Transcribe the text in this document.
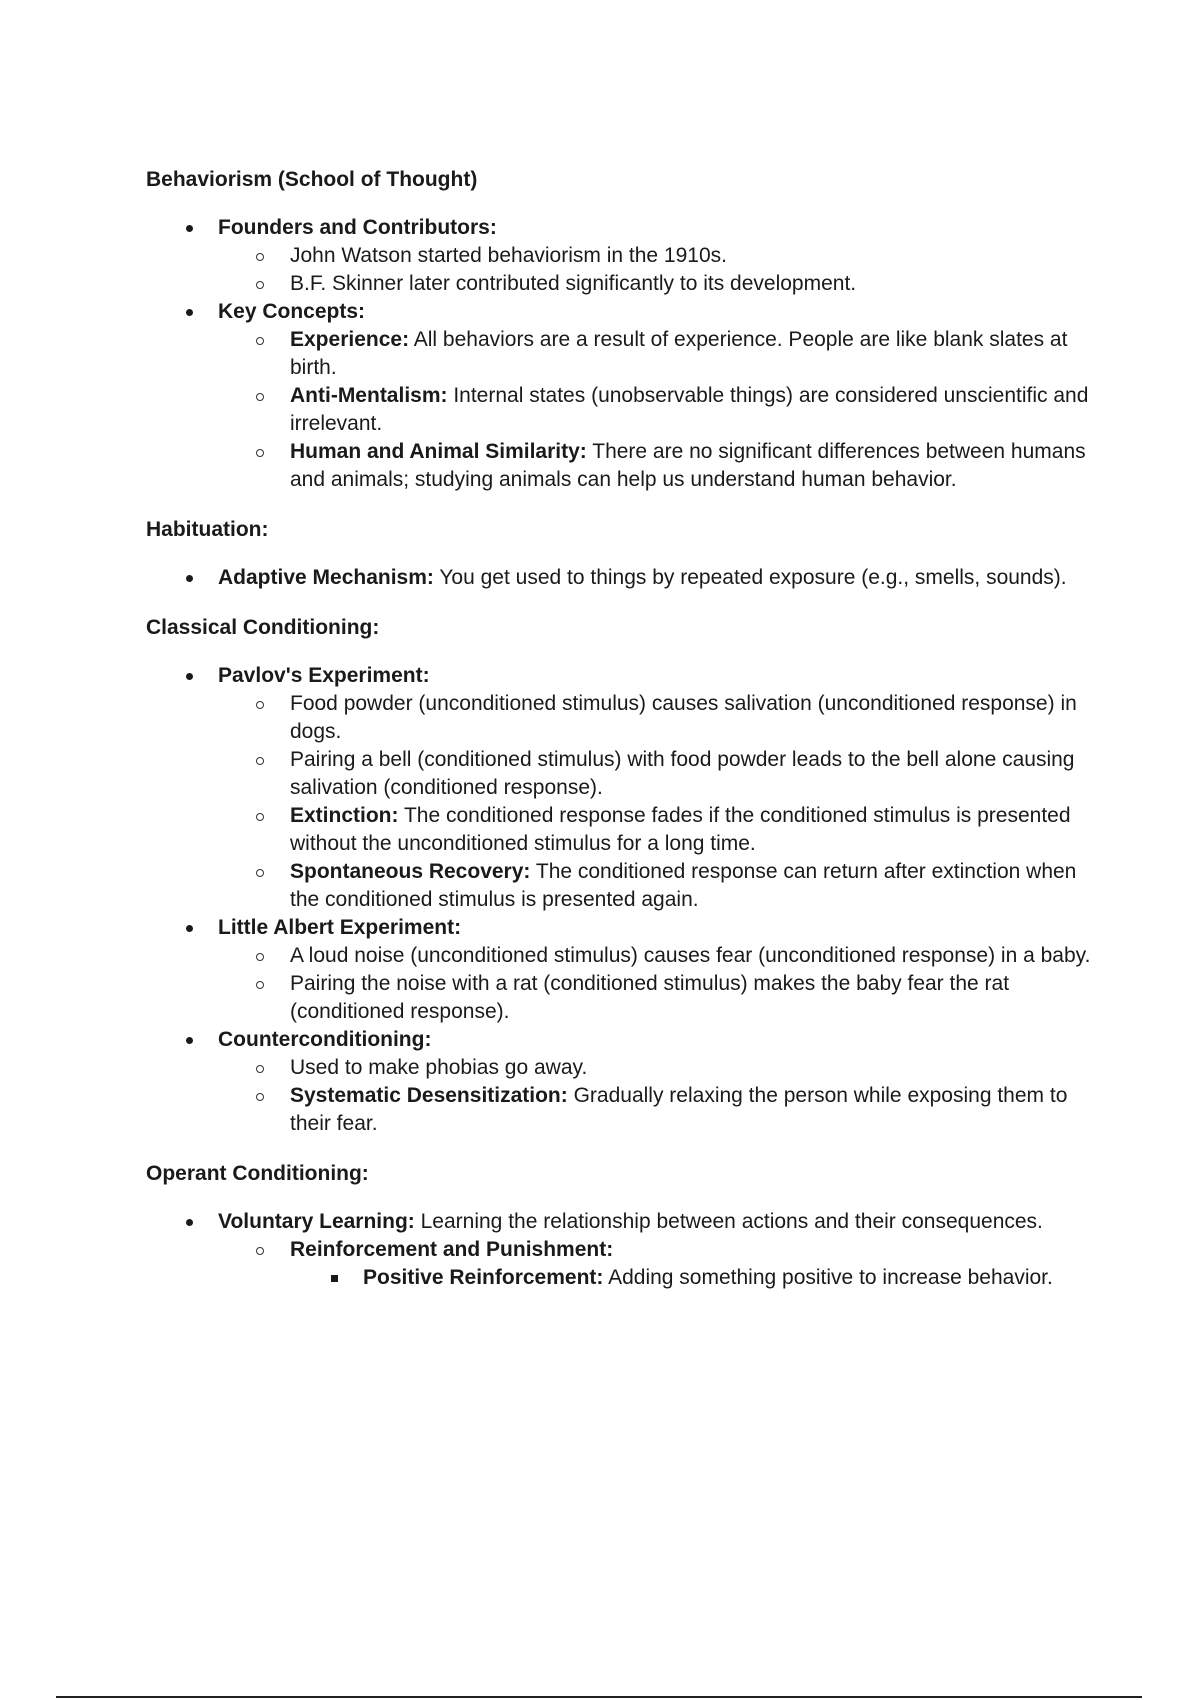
Behaviorism (School of Thought)

Founders and Contributors:
John Watson started behaviorism in the 1910s.
B.F. Skinner later contributed significantly to its development.
Key Concepts:
Experience: All behaviors are a result of experience. People are like blank slates at birth.
Anti-Mentalism: Internal states (unobservable things) are considered unscientific and irrelevant.
Human and Animal Similarity: There are no significant differences between humans and animals; studying animals can help us understand human behavior.

Habituation:

Adaptive Mechanism: You get used to things by repeated exposure (e.g., smells, sounds).

Classical Conditioning:

Pavlov's Experiment:
Food powder (unconditioned stimulus) causes salivation (unconditioned response) in dogs.
Pairing a bell (conditioned stimulus) with food powder leads to the bell alone causing salivation (conditioned response).
Extinction: The conditioned response fades if the conditioned stimulus is presented without the unconditioned stimulus for a long time.
Spontaneous Recovery: The conditioned response can return after extinction when the conditioned stimulus is presented again.
Little Albert Experiment:
A loud noise (unconditioned stimulus) causes fear (unconditioned response) in a baby.
Pairing the noise with a rat (conditioned stimulus) makes the baby fear the rat (conditioned response).
Counterconditioning:
Used to make phobias go away.
Systematic Desensitization: Gradually relaxing the person while exposing them to their fear.

Operant Conditioning:

Voluntary Learning: Learning the relationship between actions and their consequences.
Reinforcement and Punishment:
Positive Reinforcement: Adding something positive to increase behavior.
